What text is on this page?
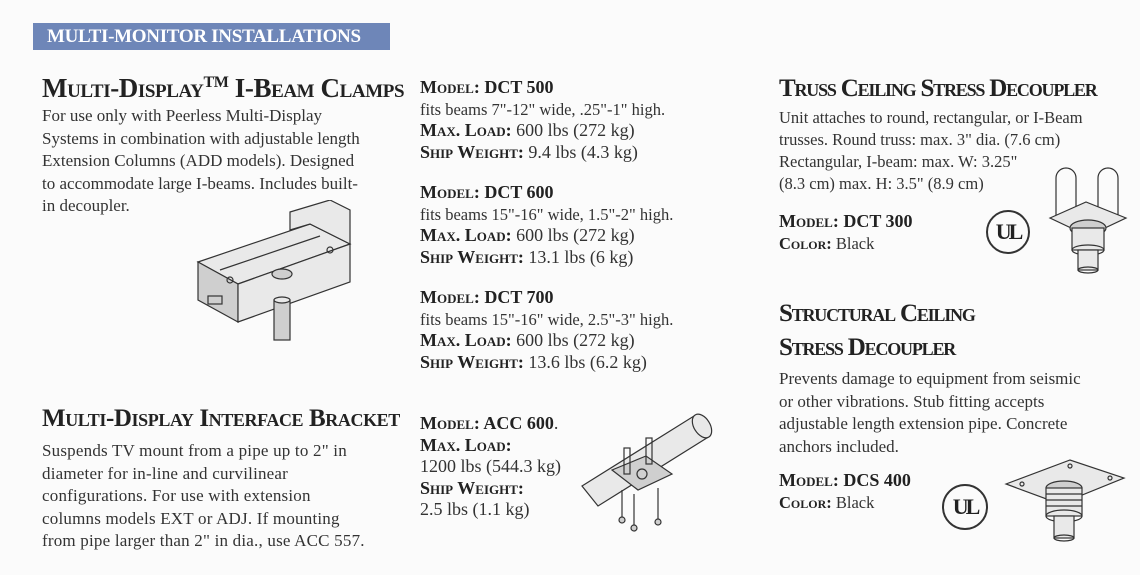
MULTI-MONITOR INSTALLATIONS
Multi-Display™ I-Beam Clamps
For use only with Peerless Multi-Display
Systems in combination with adjustable length
Extension Columns (ADD models). Designed
to accommodate large I-beams. Includes built-
in decoupler.
Model: DCT 500
fits beams 7"-12" wide, .25"-1" high.
Max. Load: 600 lbs (272 kg)
Ship Weight: 9.4 lbs (4.3 kg)
Model: DCT 600
fits beams 15"-16" wide, 1.5"-2" high.
Max. Load: 600 lbs (272 kg)
Ship Weight: 13.1 lbs (6 kg)
Model: DCT 700
fits beams 15"-16" wide, 2.5"-3" high.
Max. Load: 600 lbs (272 kg)
Ship Weight: 13.6 lbs (6.2 kg)
Multi-Display Interface Bracket
Suspends TV mount from a pipe up to 2" in
diameter for in-line and curvilinear
configurations. For use with extension
columns models EXT or ADJ. If mounting
from pipe larger than 2" in dia., use ACC 557.
Model: ACC 600.
Max. Load:
1200 lbs (544.3 kg)
Ship Weight:
2.5 lbs (1.1 kg)
Truss Ceiling Stress Decoupler
Unit attaches to round, rectangular, or I-Beam
trusses. Round truss: max. 3" dia. (7.6 cm)
Rectangular, I-beam: max. W: 3.25"
(8.3 cm) max. H: 3.5" (8.9 cm)
Model: DCT 300
Color: Black	UL
Structural Ceiling
Stress Decoupler
Prevents damage to equipment from seismic
or other vibrations. Stub fitting accepts
adjustable length extension pipe. Concrete
anchors included.
Model: DCS 400
Color: Black	UL
